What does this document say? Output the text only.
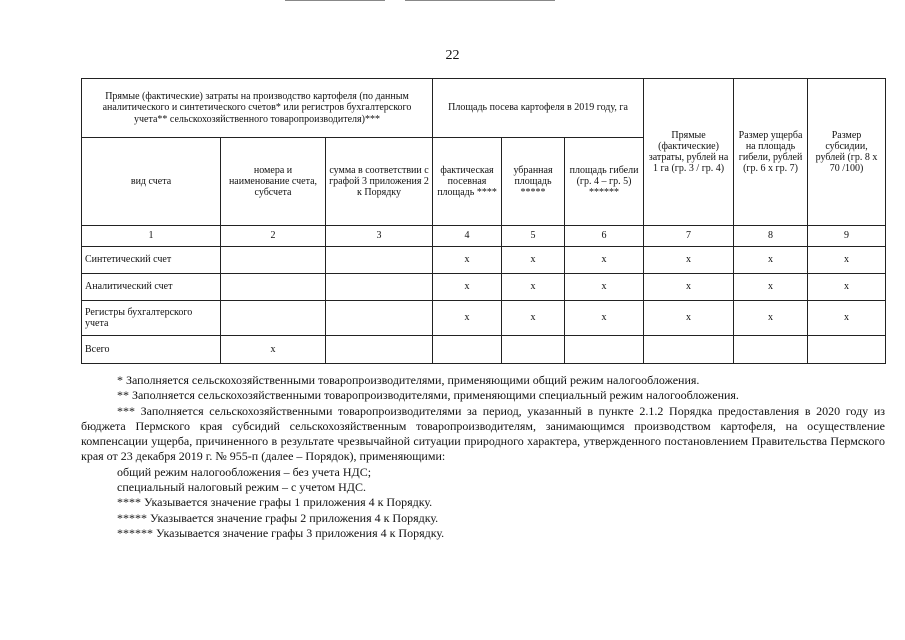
22
Прямые (фактические) затраты на производство картофеля (по данным аналитического и синтетического счетов* или регистров бухгалтерского учета** сельскохозяйственного товаропроизводителя)***			Площадь посева картофеля в 2019 году, га			Прямые (фактические) затраты, рублей на 1 га (гр. 3 / гр. 4)	Размер ущерба на площадь гибели, рублей (гр. 6 х гр. 7)	Размер субсидии, рублей (гр. 8 х 70 /100)
вид счета	номера и наименование счета, субсчета	сумма в соответствии с графой 3 приложения 2 к Порядку	фактическая посевная площадь ****	убранная площадь *****	площадь гибели (гр. 4 – гр. 5) ******			
1	2	3	4	5	6	7	8	9
Синтетический счет			х	х	х	х	х	х
Аналитический счет			х	х	х	х	х	х
Регистры бухгалтерского учета			х	х	х	х	х	х
Всего	х							

* Заполняется сельскохозяйственными товаропроизводителями, применяющими общий режим налогообложения.

** Заполняется сельскохозяйственными товаропроизводителями, применяющими специальный режим налогообложения.

*** Заполняется сельскохозяйственными товаропроизводителями за период, указанный в пункте 2.1.2 Порядка предоставления в 2020 году из бюджета Пермского края субсидий сельскохозяйственным товаропроизводителям, занимающимся производством картофеля, на осуществление компенсации ущерба, причиненного в результате чрезвычайной ситуации природного характера, утвержденного постановлением Правительства Пермского края от 23 декабря 2019 г. № 955-п (далее – Порядок), применяющими:

общий режим налогообложения – без учета НДС;

специальный налоговый режим – с учетом НДС.

**** Указывается значение графы 1 приложения 4 к Порядку.

***** Указывается значение графы 2 приложения 4 к Порядку.

****** Указывается значение графы 3 приложения 4 к Порядку.
